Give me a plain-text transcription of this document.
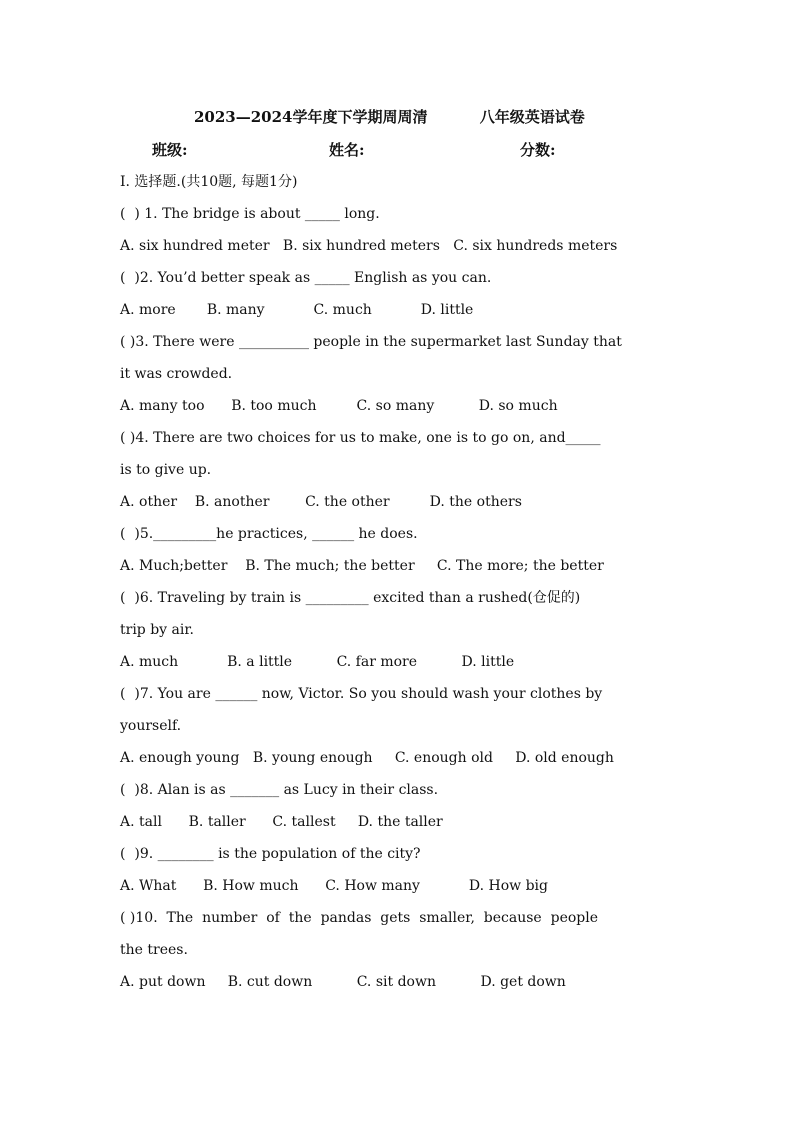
2023—2024学年度下学期周周清          八年级英语试卷
班级:	姓名:	分数:
I. 选择题.(共10题, 每题1分)
(  ) 1. The bridge is about _____ long.
A. six hundred meter   B. six hundred meters   C. six hundreds meters
(  )2. You’d better speak as _____ English as you can.
A. more       B. many           C. much           D. little
( )3. There were __________ people in the supermarket last Sunday that
it was crowded.
A. many too      B. too much         C. so many          D. so much
( )4. There are two choices for us to make, one is to go on, and_____
is to give up.
A. other    B. another        C. the other         D. the others
(  )5._________he practices, ______ he does.
A. Much;better    B. The much; the better     C. The more; the better
(  )6. Traveling by train is _________ excited than a rushed(仓促的)
trip by air.
A. much           B. a little          C. far more          D. little
(  )7. You are ______ now, Victor. So you should wash your clothes by
yourself.
A. enough young   B. young enough     C. enough old     D. old enough
(  )8. Alan is as _______ as Lucy in their class.
A. tall      B. taller      C. tallest     D. the taller
(  )9. ________ is the population of the city?
A. What      B. How much      C. How many           D. How big
( )10.  The  number  of  the  pandas  gets  smaller,  because  people
the trees.
A. put down     B. cut down          C. sit down          D. get down
